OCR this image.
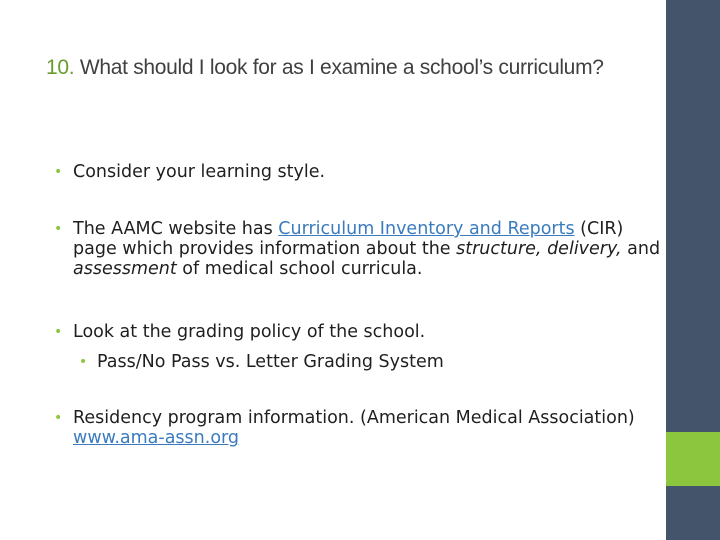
10. What should I look for as I examine a school’s curriculum?
• Consider your learning style.
• The AAMC website has Curriculum Inventory and Reports (CIR) page which provides information about the structure, delivery, and assessment of medical school curricula.
• Look at the grading policy of the school.
• Pass/No Pass vs. Letter Grading System
• Residency program information. (American Medical Association) www.ama-assn.org
